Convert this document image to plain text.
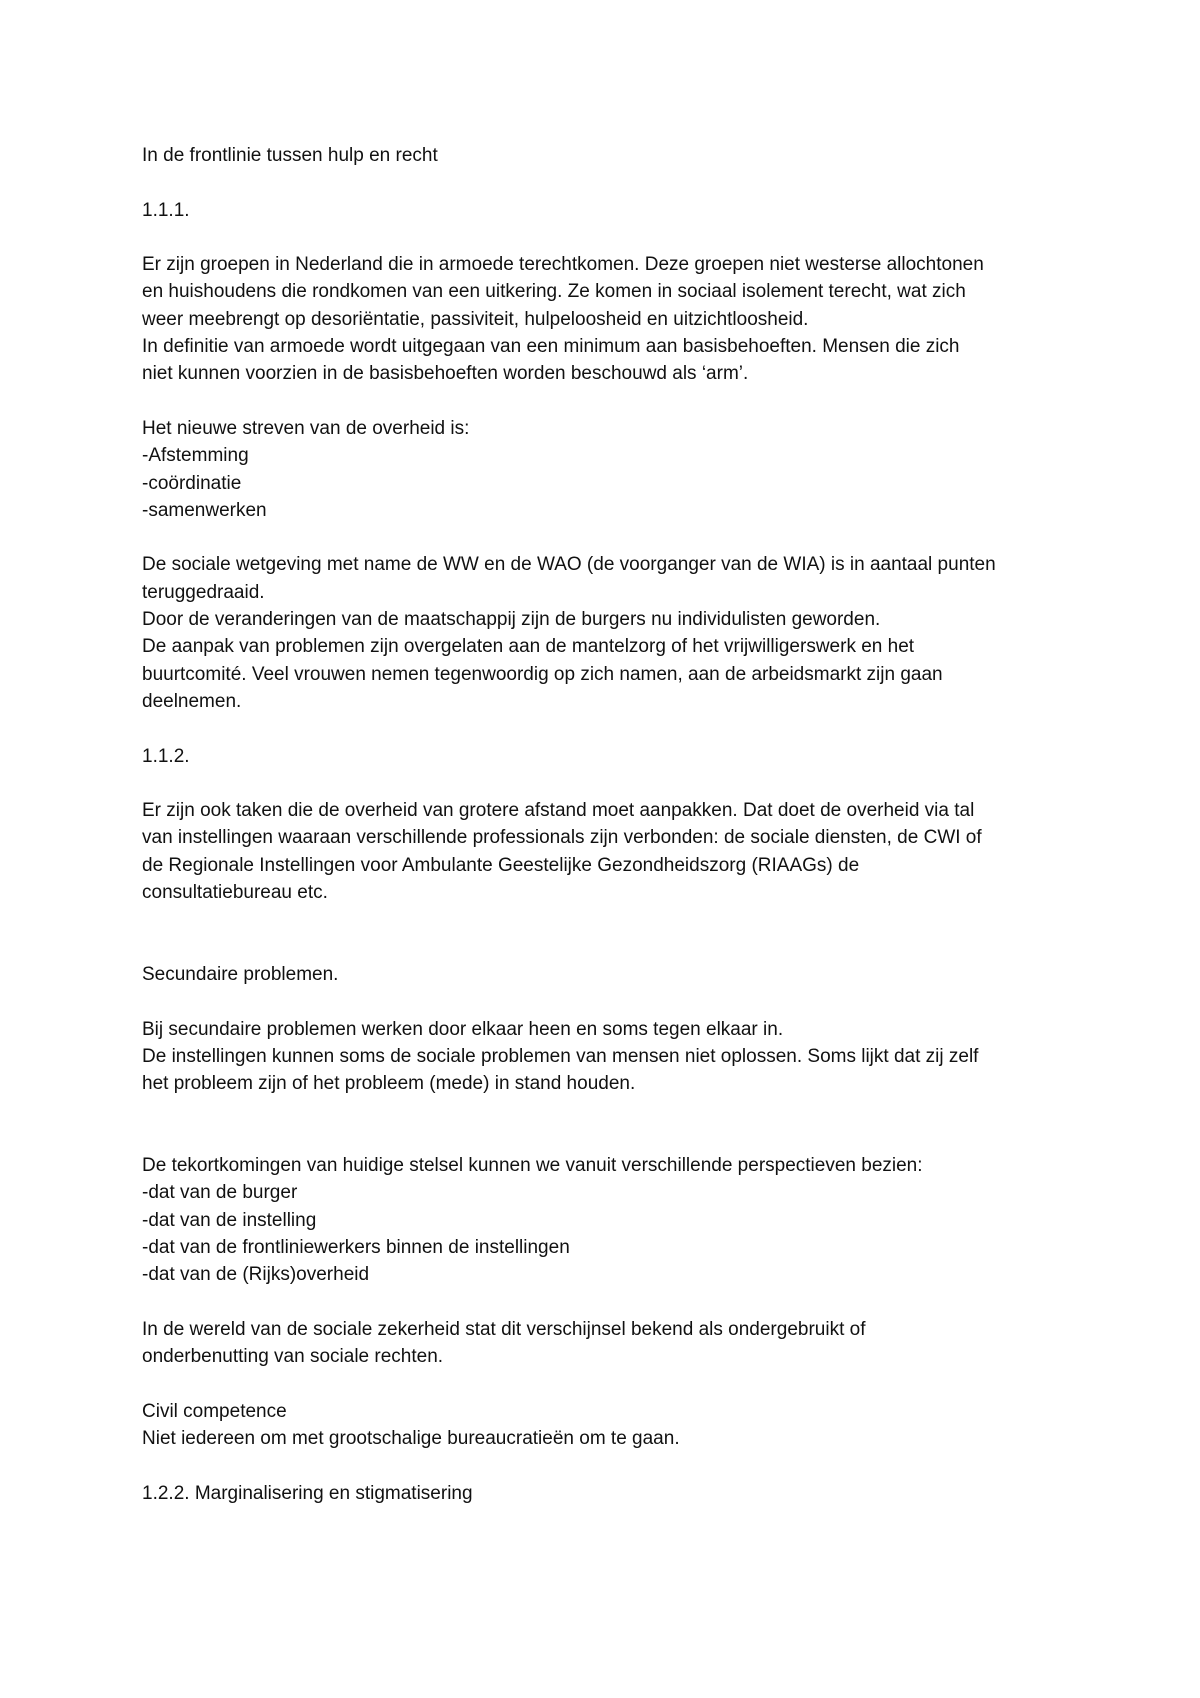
In de frontlinie tussen hulp en recht

1.1.1.

Er zijn groepen in Nederland die in armoede terechtkomen. Deze groepen niet westerse allochtonen

en huishoudens die rondkomen van een uitkering. Ze komen in sociaal isolement terecht, wat zich

weer meebrengt op desoriëntatie, passiviteit, hulpeloosheid en uitzichtloosheid.

In definitie van armoede wordt uitgegaan van een minimum aan basisbehoeften. Mensen die zich

niet kunnen voorzien in de basisbehoeften worden beschouwd als ‘arm’.

Het nieuwe streven van de overheid is:

-Afstemming

-coördinatie

-samenwerken

De sociale wetgeving met name de WW en de WAO (de voorganger van de WIA) is in aantaal punten

teruggedraaid.

Door de veranderingen van de maatschappij zijn de burgers nu individulisten geworden.

De aanpak van problemen zijn overgelaten aan de mantelzorg of het vrijwilligerswerk en het

buurtcomité. Veel vrouwen nemen tegenwoordig op zich namen, aan de arbeidsmarkt zijn gaan

deelnemen.

1.1.2.

Er zijn ook taken die de overheid van grotere afstand moet aanpakken. Dat doet de overheid via tal

van instellingen waaraan verschillende professionals zijn verbonden: de sociale diensten, de CWI of

de Regionale Instellingen voor Ambulante Geestelijke Gezondheidszorg (RIAAGs) de

consultatiebureau etc.

Secundaire problemen.

Bij secundaire problemen werken door elkaar heen en soms tegen elkaar in.

De instellingen kunnen soms de sociale problemen van mensen niet oplossen. Soms lijkt dat zij zelf

het probleem zijn of het probleem (mede) in stand houden.

De tekortkomingen van huidige stelsel kunnen we vanuit verschillende perspectieven bezien:

-dat van de burger

-dat van de instelling

-dat van de frontliniewerkers binnen de instellingen

-dat van de (Rijks)overheid

In de wereld van de sociale zekerheid stat dit verschijnsel bekend als ondergebruikt of

onderbenutting van sociale rechten.

Civil competence

Niet iedereen om met grootschalige bureaucratieën om te gaan.

1.2.2. Marginalisering en stigmatisering
